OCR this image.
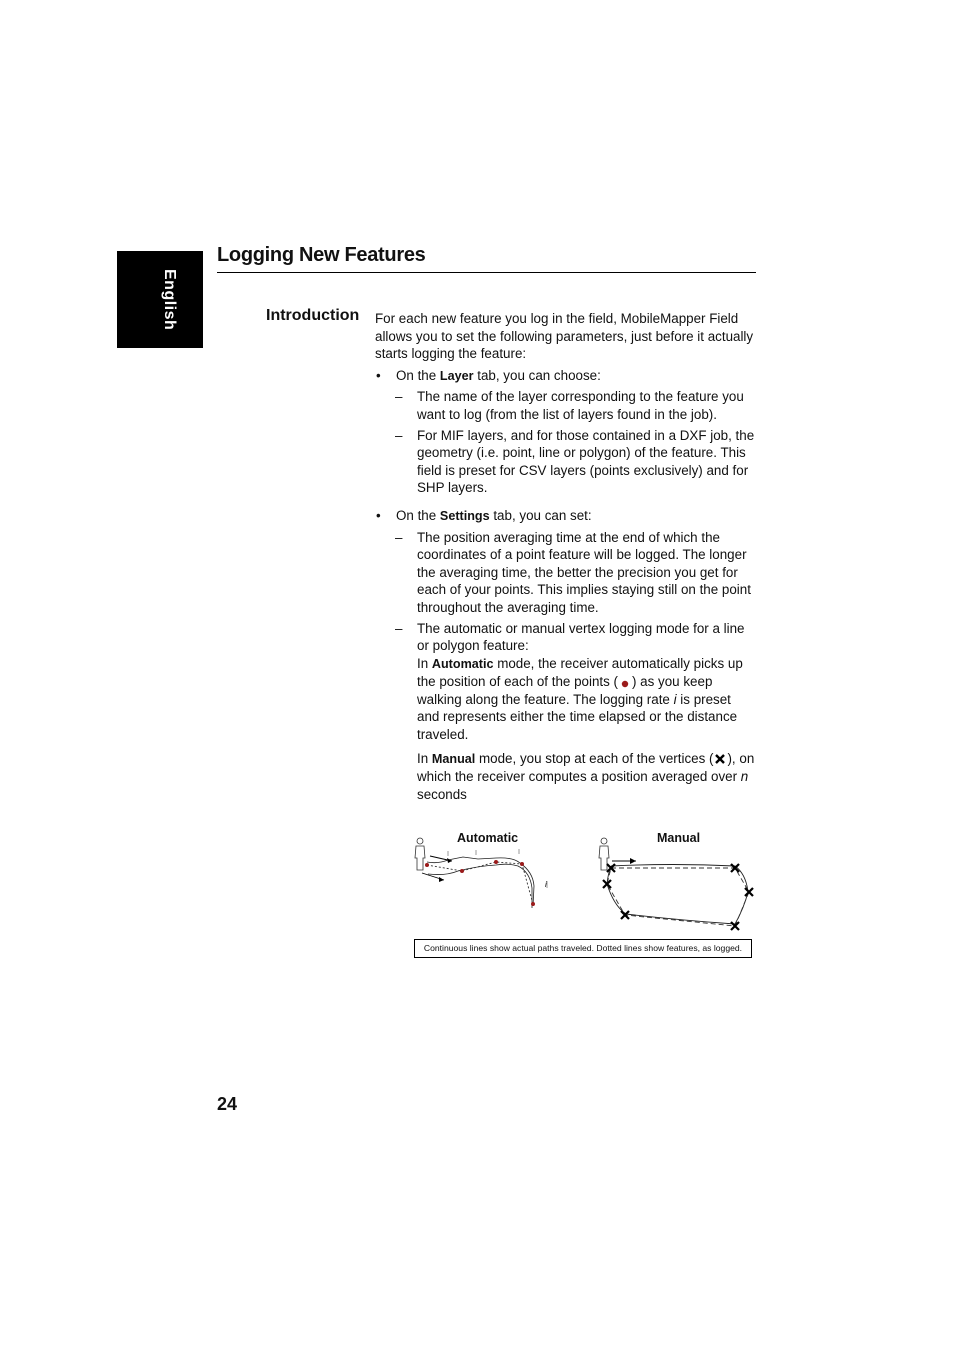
English
Logging New Features
Introduction For each new feature you log in the field, MobileMapper Field allows you to set the following parameters, just before it actually starts logging the feature:

• On the Layer tab, you can choose:
– The name of the layer corresponding to the feature you want to log (from the list of layers found in the job).
– For MIF layers, and for those contained in a DXF job, the geometry (i.e. point, line or polygon) of the feature. This field is preset for CSV layers (points exclusively) and for SHP layers.
• On the Settings tab, you can set:
– The position averaging time at the end of which the coordinates of a point feature will be logged. The longer the averaging time, the better the precision you get for each of your points. This implies staying still on the point throughout the averaging time.
– The automatic or manual vertex logging mode for a line or polygon feature:

In Automatic mode, the receiver automatically picks up the position of each of the points ( ) as you keep walking along the feature. The logging rate i is preset and represents either the time elapsed or the distance traveled.

In Manual mode, you stop at each of the vertices ( ), on which the receiver computes a position averaged over n seconds

Automatic	Manual
i
Continuous lines show actual paths traveled. Dotted lines show features, as logged.
24
